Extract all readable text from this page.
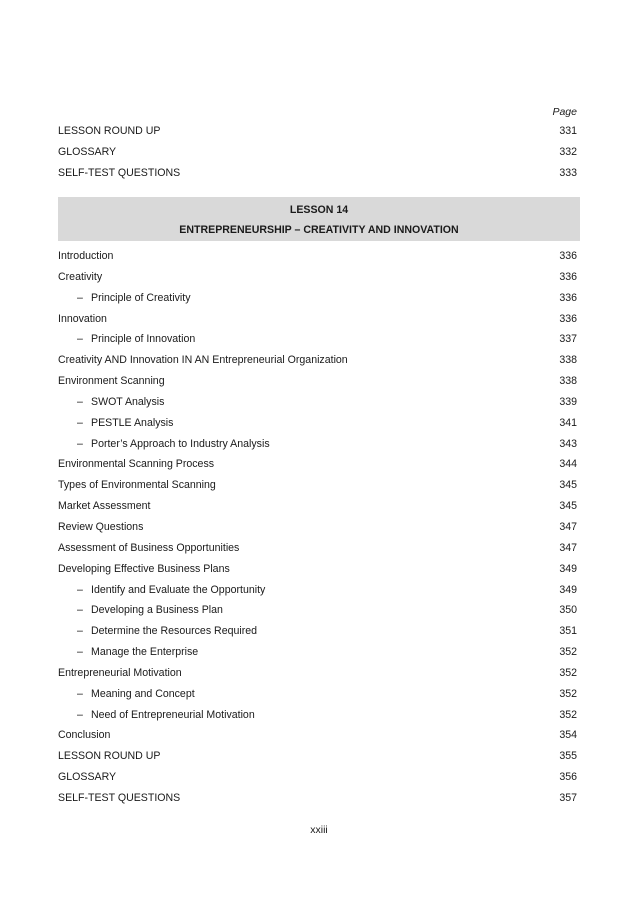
Page
LESSON ROUND UP	331
GLOSSARY	332
SELF-TEST QUESTIONS	333
LESSON 14
ENTREPRENEURSHIP – CREATIVITY AND INNOVATION
Introduction	336
Creativity	336
– Principle of Creativity	336
Innovation	336
– Principle of Innovation	337
Creativity AND Innovation IN AN Entrepreneurial Organization	338
Environment Scanning	338
– SWOT Analysis	339
– PESTLE Analysis	341
– Porter’s Approach to Industry Analysis	343
Environmental Scanning Process	344
Types of Environmental Scanning	345
Market Assessment	345
Review Questions	347
Assessment of Business Opportunities	347
Developing Effective Business Plans	349
– Identify and Evaluate the Opportunity	349
– Developing a Business Plan	350
– Determine the Resources Required	351
– Manage the Enterprise	352
Entrepreneurial Motivation	352
– Meaning and Concept	352
– Need of Entrepreneurial Motivation	352
Conclusion	354
LESSON ROUND UP	355
GLOSSARY	356
SELF-TEST QUESTIONS	357
xxiii
